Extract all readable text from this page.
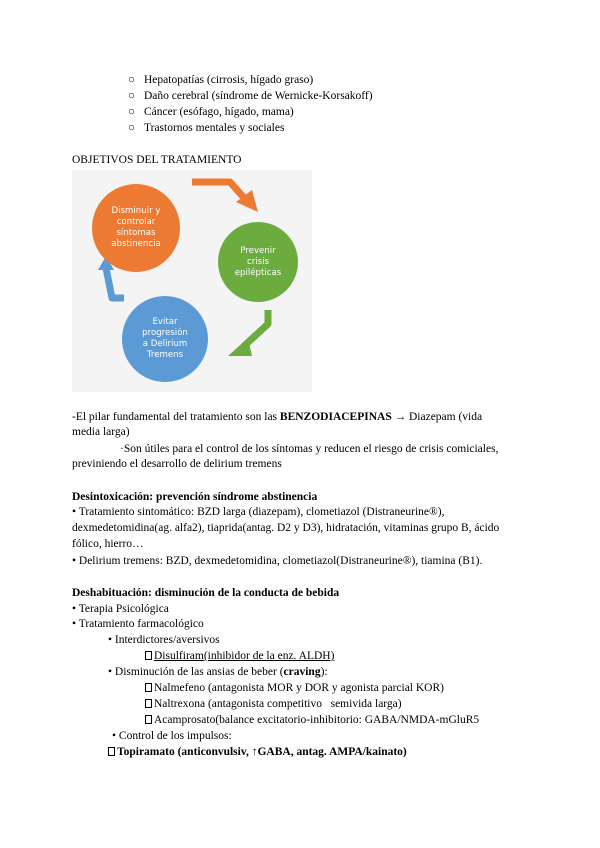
○ Hepatopatías (cirrosis, hígado graso)
○ Daño cerebral (síndrome de Wernicke-Korsakoff)
○ Cáncer (esófago, hígado, mama)
○ Trastornos mentales y sociales
OBJETIVOS DEL TRATAMIENTO
Disminuir y
controlar
síntomas
abstinencia
Prevenir
crisis
epilépticas
Evitar
progresión
a Delirium
Tremens
-El pilar fundamental del tratamiento son las BENZODIACEPINAS → Diazepam (vida
media larga)
·Son útiles para el control de los síntomas y reducen el riesgo de crisis comiciales,
previniendo el desarrollo de delirium tremens
Desintoxicación: prevención síndrome abstinencia
• Tratamiento sintomático: BZD larga (diazepam), clometiazol (Distraneurine®),
dexmedetomidina(ag. alfa2), tiaprida(antag. D2 y D3), hidratación, vitaminas grupo B, ácido
fólico, hierro…
• Delirium tremens: BZD, dexmedetomidina, clometiazol(Distraneurine®), tiamina (B1).
Deshabituación: disminución de la conducta de bebida
• Terapia Psicológica
• Tratamiento farmacológico
• Interdictores/aversivos
Disulfiram(inhibidor de la enz. ALDH)
• Disminución de las ansias de beber (craving):
Nalmefeno (antagonista MOR y DOR y agonista parcial KOR)
Naltrexona (antagonista competitivo  semivida larga)
Acamprosato(balance excitatorio-inhibitorio: GABA/NMDA-mGluR5
• Control de los impulsos:
Topiramato (anticonvulsiv, ↑GABA, antag. AMPA/kainato)
